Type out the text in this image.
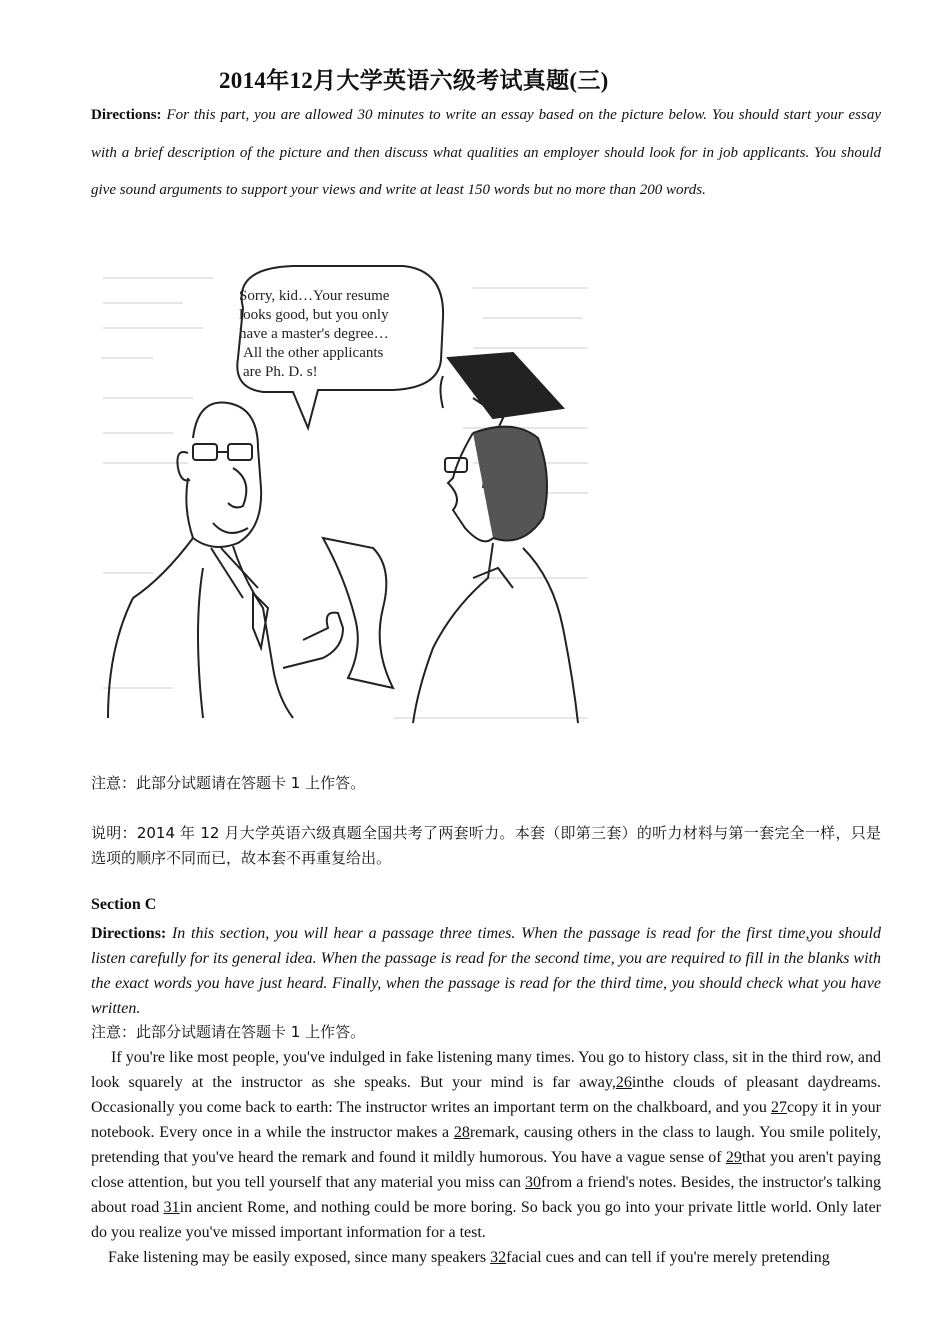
2014年12月大学英语六级考试真题(三)
Directions: For this part, you are allowed 30 minutes to write an essay based on the picture below. You should start your essay with a brief description of the picture and then discuss what qualities an employer should look for in job applicants. You should give sound arguments to support your views and write at least 150 words but no more than 200 words.
Sorry, kid…Your resume
looks good, but you only
have a master's degree…
All the other applicants
are Ph. D. s!
注意：此部分试题请在答题卡 1 上作答。
说明：2014 年 12 月大学英语六级真题全国共考了两套听力。本套（即第三套）的听力材料与第一套完全一样，只是选项的顺序不同而已，故本套不再重复给出。
Section C
Directions: In this section, you will hear a passage three times. When the passage is read for the first time,you should listen carefully for its general idea. When the passage is read for the second time, you are required to fill in the blanks with the exact words you have just heard. Finally, when the passage is read for the third time, you should check what you have written.
注意：此部分试题请在答题卡 1 上作答。

If you're like most people, you've indulged in fake listening many times. You go to history class, sit in the third row, and look squarely at the instructor as she speaks. But your mind is far away,26inthe clouds of pleasant daydreams. Occasionally you come back to earth: The instructor writes an important term on the chalkboard, and you 27copy it in your notebook. Every once in a while the instructor makes a 28remark, causing others in the class to laugh. You smile politely, pretending that you've heard the remark and found it mildly humorous. You have a vague sense of 29that you aren't paying close attention, but you tell yourself that any material you miss can 30from a friend's notes. Besides, the instructor's talking about road 31in ancient Rome, and nothing could be more boring. So back you go into your private little world. Only later do you realize you've missed important information for a test.

Fake listening may be easily exposed, since many speakers 32facial cues and can tell if you're merely pretending
